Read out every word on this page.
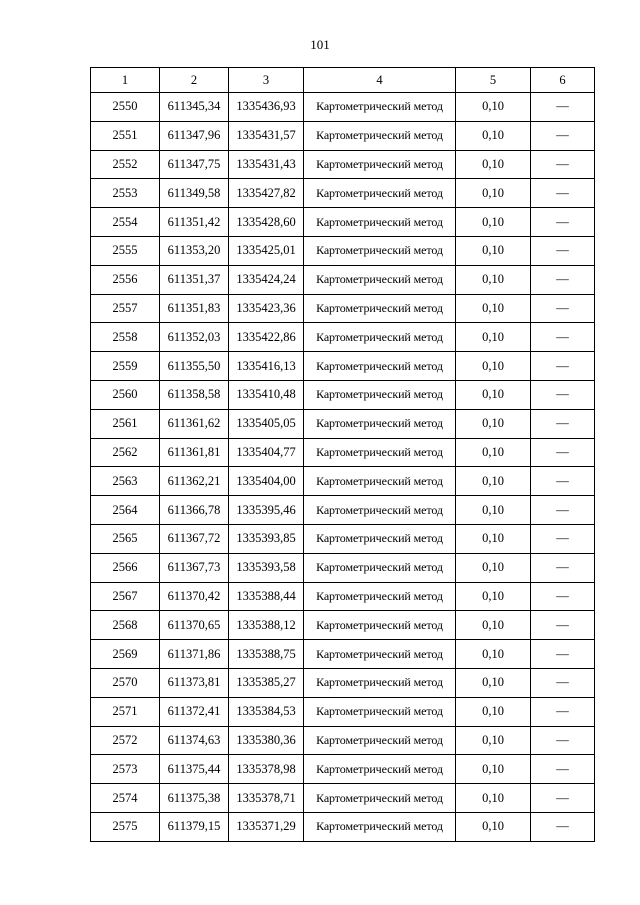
101
1	2	3	4	5	6
2550	611345,34	1335436,93	Картометрический метод	0,10	—
2551	611347,96	1335431,57	Картометрический метод	0,10	—
2552	611347,75	1335431,43	Картометрический метод	0,10	—
2553	611349,58	1335427,82	Картометрический метод	0,10	—
2554	611351,42	1335428,60	Картометрический метод	0,10	—
2555	611353,20	1335425,01	Картометрический метод	0,10	—
2556	611351,37	1335424,24	Картометрический метод	0,10	—
2557	611351,83	1335423,36	Картометрический метод	0,10	—
2558	611352,03	1335422,86	Картометрический метод	0,10	—
2559	611355,50	1335416,13	Картометрический метод	0,10	—
2560	611358,58	1335410,48	Картометрический метод	0,10	—
2561	611361,62	1335405,05	Картометрический метод	0,10	—
2562	611361,81	1335404,77	Картометрический метод	0,10	—
2563	611362,21	1335404,00	Картометрический метод	0,10	—
2564	611366,78	1335395,46	Картометрический метод	0,10	—
2565	611367,72	1335393,85	Картометрический метод	0,10	—
2566	611367,73	1335393,58	Картометрический метод	0,10	—
2567	611370,42	1335388,44	Картометрический метод	0,10	—
2568	611370,65	1335388,12	Картометрический метод	0,10	—
2569	611371,86	1335388,75	Картометрический метод	0,10	—
2570	611373,81	1335385,27	Картометрический метод	0,10	—
2571	611372,41	1335384,53	Картометрический метод	0,10	—
2572	611374,63	1335380,36	Картометрический метод	0,10	—
2573	611375,44	1335378,98	Картометрический метод	0,10	—
2574	611375,38	1335378,71	Картометрический метод	0,10	—
2575	611379,15	1335371,29	Картометрический метод	0,10	—
